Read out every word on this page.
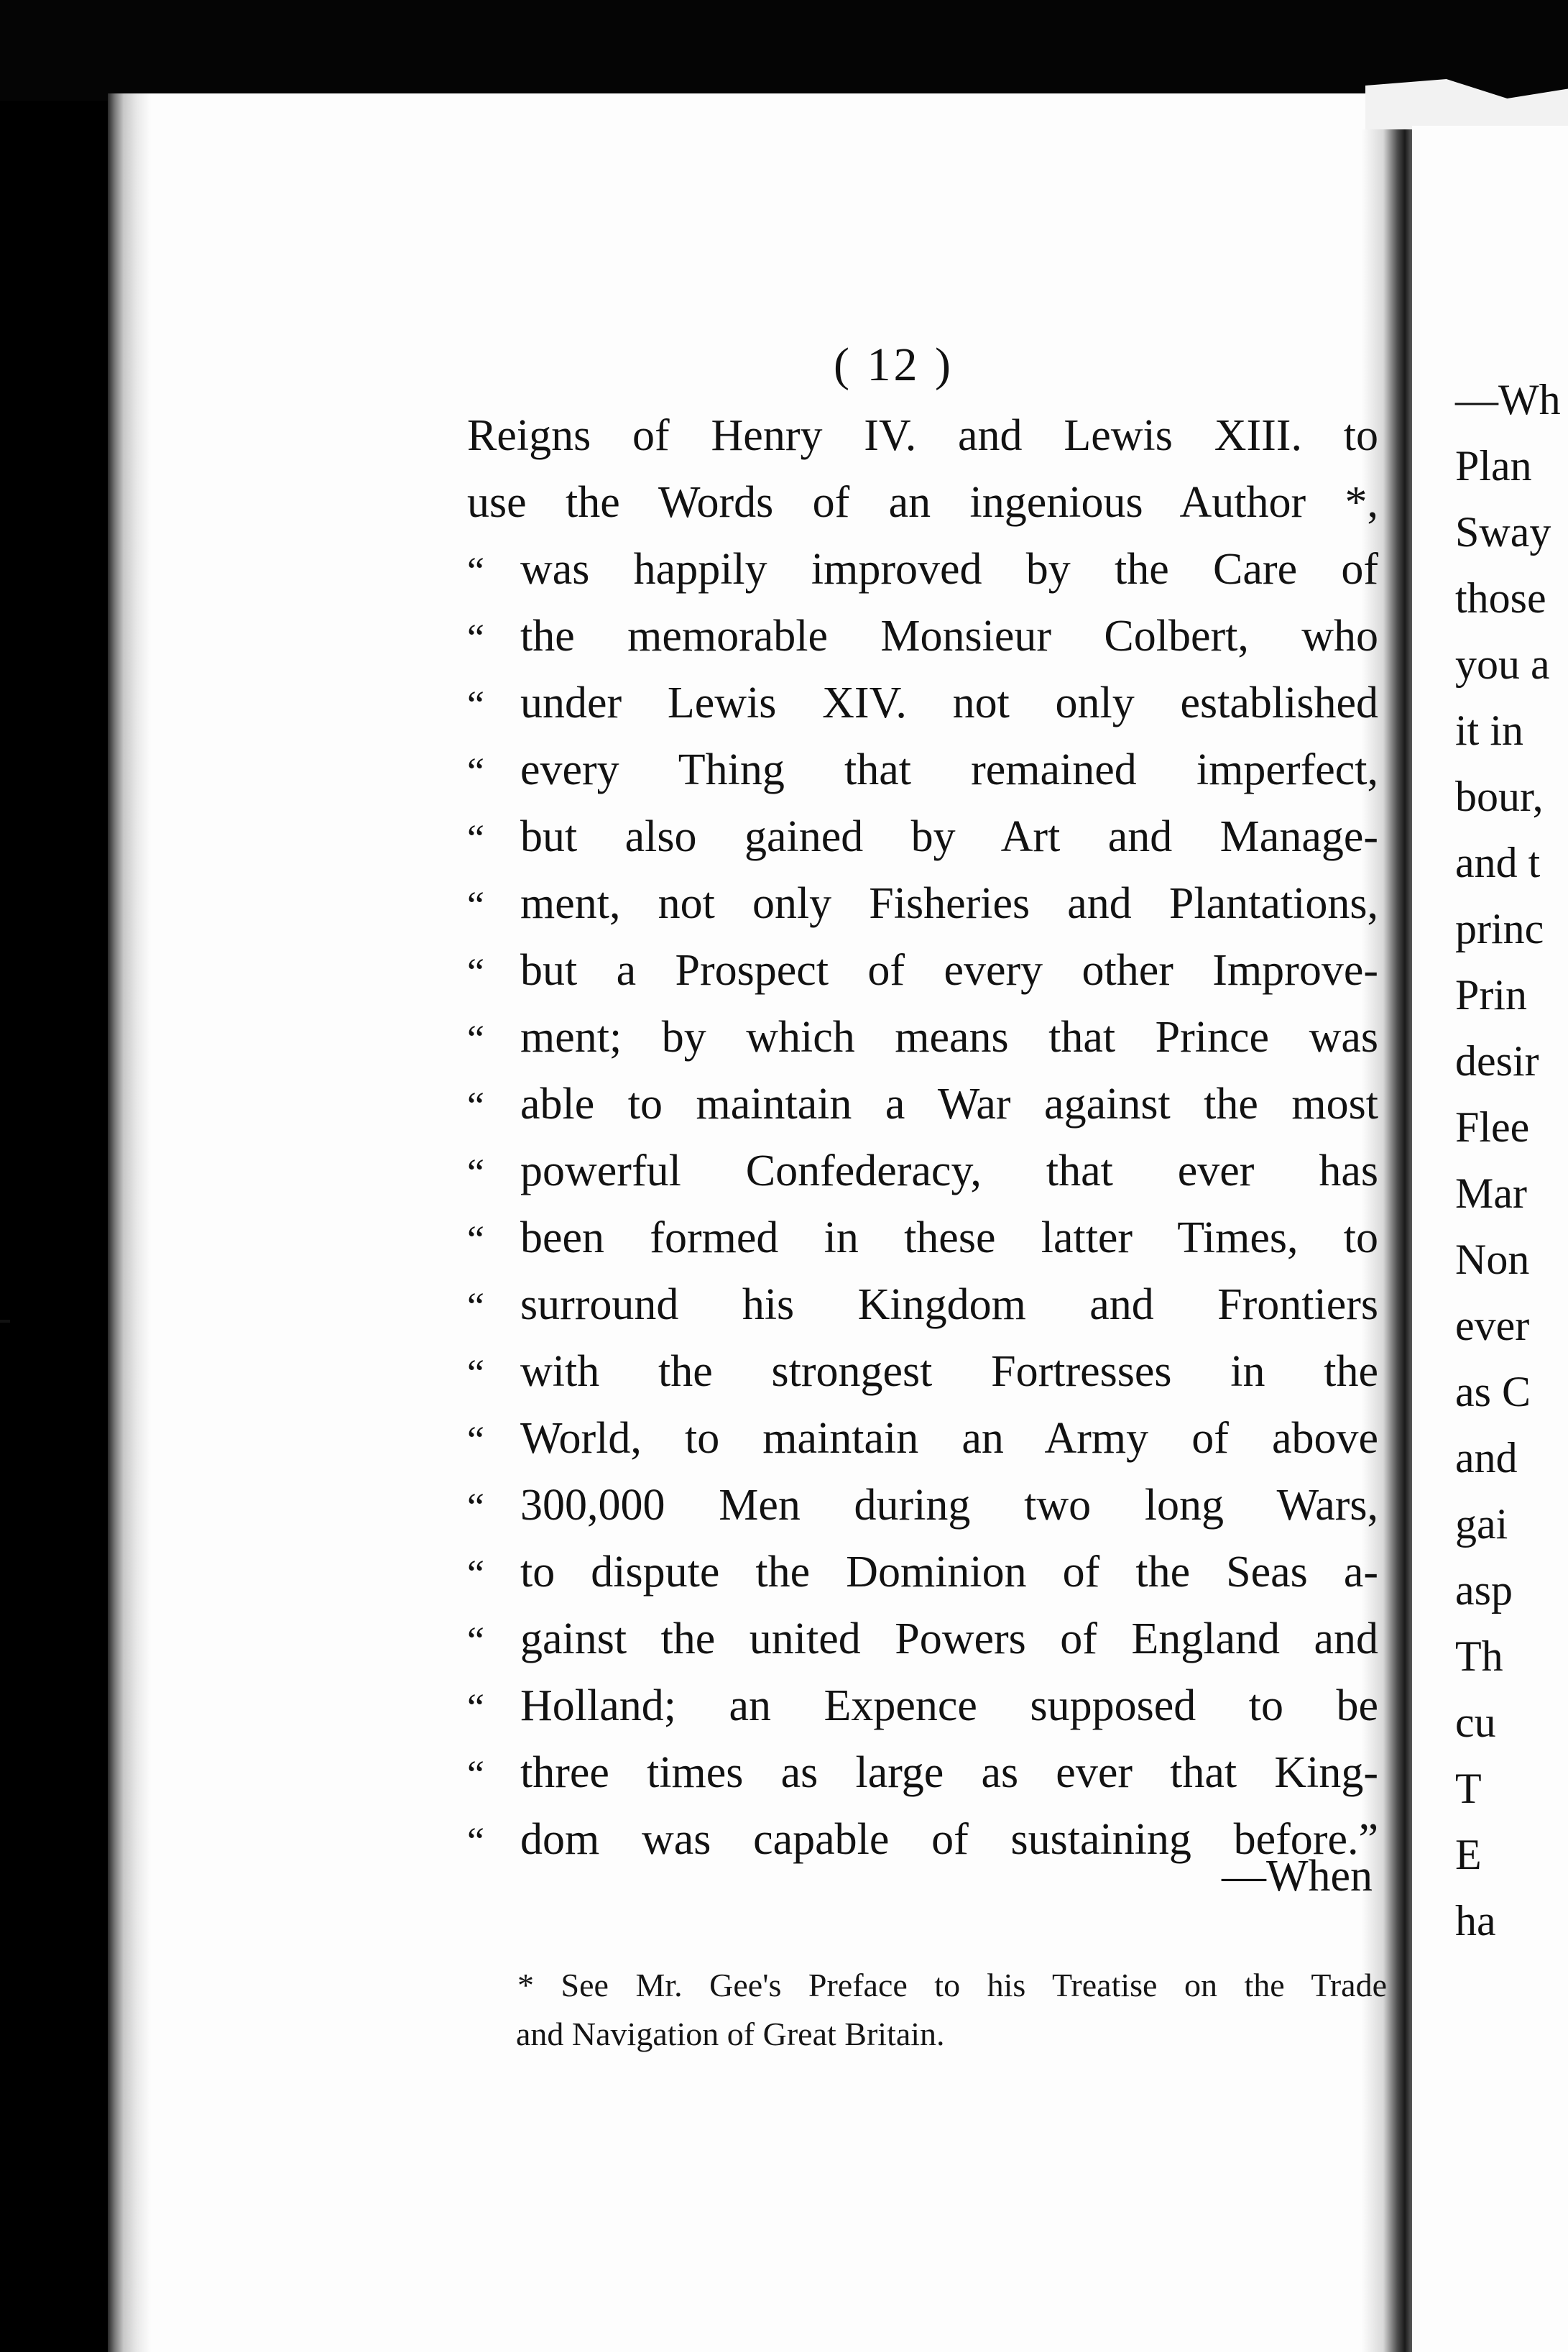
( 12 )
Reigns of Henry IV. and Lewis XIII. to
use the Words of an ingenious Author *,
“ was happily improved by the Care of
“ the memorable Monsieur Colbert, who
“ under Lewis XIV. not only established
“ every Thing that remained imperfect,
“ but also gained by Art and Manage-
“ ment, not only Fisheries and Plantations,
“ but a Prospect of every other Improve-
“ ment; by which means that Prince was
“ able to maintain a War against the most
“ powerful Confederacy, that ever has
“ been formed in these latter Times, to
“ surround his Kingdom and Frontiers
“ with the strongest Fortresses in the
“ World, to maintain an Army of above
“ 300,000 Men during two long Wars,
“ to dispute the Dominion of the Seas a-
“ gainst the united Powers of England and
“ Holland; an Expence supposed to be
“ three times as large as ever that King-
“ dom was capable of sustaining before.”
—When
* See Mr. Gee's Preface to his Treatise on the Trade
and Navigation of Great Britain.
—Wh
Plan
Sway
those
you a
it in
bour,
and t
princ
Prin
desir
Flee
Mar
Non
ever
as C
and
gai
asp
Th
cu
T
E
ha
